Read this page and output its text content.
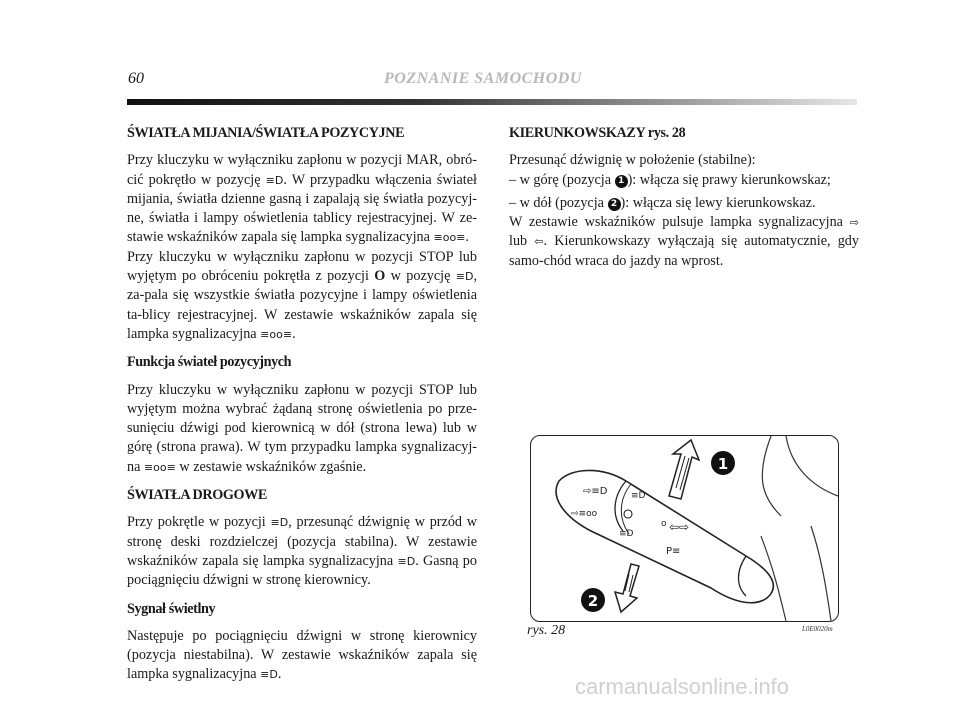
60	POZNANIE SAMOCHODU
ŚWIATŁA MIJANIA/ŚWIATŁA POZYCYJNE

Przy kluczyku w wyłączniku zapłonu w pozycji MAR, obró-cić pokrętło w pozycję ≡D. W przypadku włączenia świateł mijania, światła dzienne gasną i zapalają się światła pozycyj-ne, światła i lampy oświetlenia tablicy rejestracyjnej. W ze-stawie wskaźników zapala się lampka sygnalizacyjna ≡oo≡.
Przy kluczyku w wyłączniku zapłonu w pozycji STOP lub wyjętym po obróceniu pokrętła z pozycji O w pozycję ≡D, za-pala się wszystkie światła pozycyjne i lampy oświetlenia ta-blicy rejestracyjnej. W zestawie wskaźników zapala się lampka sygnalizacyjna ≡oo≡.

Funkcja świateł pozycyjnych

Przy kluczyku w wyłączniku zapłonu w pozycji STOP lub wyjętym można wybrać żądaną stronę oświetlenia po prze-sunięciu dźwigi pod kierownicą w dół (strona lewa) lub w górę (strona prawa). W tym przypadku lampka sygnalizacyj-na ≡oo≡ w zestawie wskaźników zgaśnie.

ŚWIATŁA DROGOWE

Przy pokrętle w pozycji ≡D, przesunąć dźwignię w przód w stronę deski rozdzielczej (pozycja stabilna). W zestawie wskaźników zapala się lampka sygnalizacyjna ≡D. Gasną po pociągnięciu dźwigni w stronę kierownicy.

Sygnał świetlny

Następuje po pociągnięciu dźwigni w stronę kierownicy (pozycja niestabilna). W zestawie wskaźników zapala się lampka sygnalizacyjna ≡D.

KIERUNKOWSKAZY rys. 28

Przesunąć dźwignię w położenie (stabilne):

– w górę (pozycja 1 ): włącza się prawy kierunkowskaz;

– w dół (pozycja 2 ): włącza się lewy kierunkowskaz.

W zestawie wskaźników pulsuje lampka sygnalizacyjna ⇨ lub ⇦. Kierunkowskazy wyłączają się automatycznie, gdy samo-chód wraca do jazdy na wprost.

⇨≡D
⇨≡oo
≡D
≡D
o ⇦⇨
P≡
1
2
rys. 28	L0E0020m
carmanualsonline.info
